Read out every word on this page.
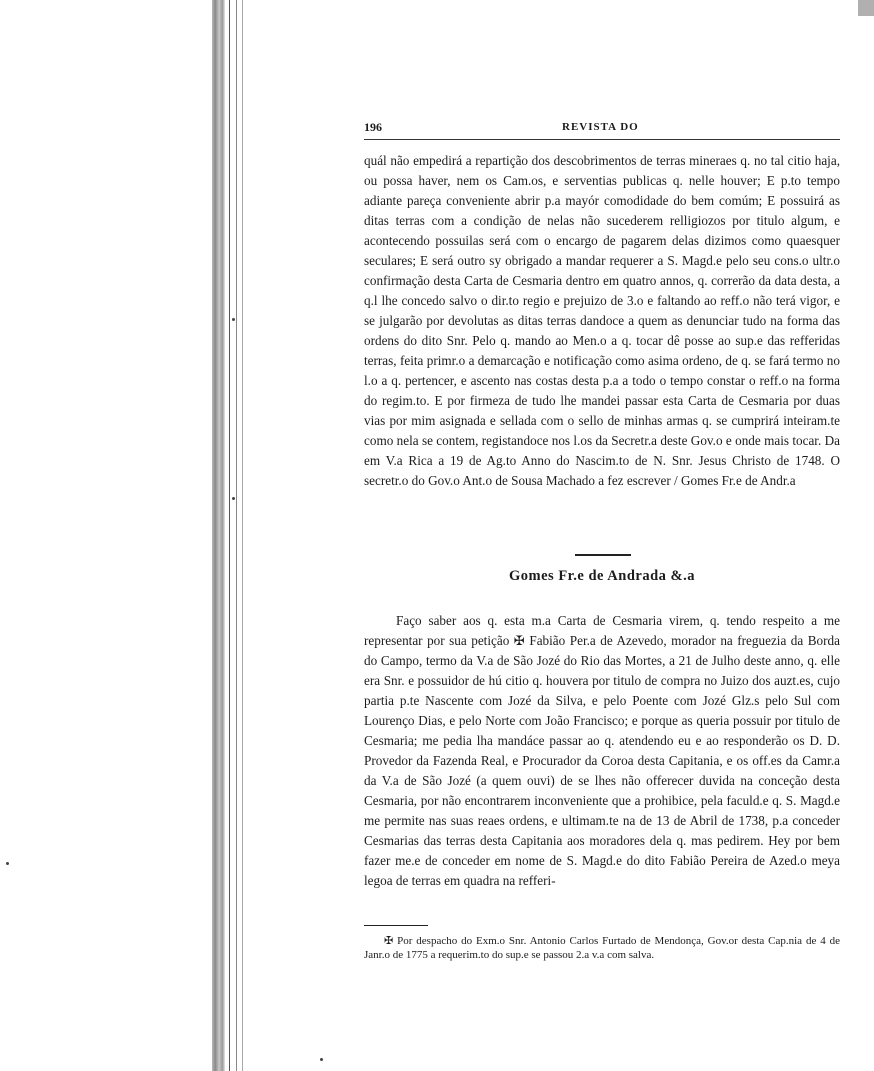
196	REVISTA DO

quál não empedirá a repartição dos descobrimentos de terras mineraes q. no tal citio haja, ou possa haver, nem os Cam.os, e serventias publicas q. nelle houver; E p.to tempo adiante pareça conveniente abrir p.a mayór comodidade do bem comúm; E possuirá as ditas terras com a condição de nelas não sucederem relligiozos por titulo algum, e acontecendo possuilas será com o encargo de pagarem delas dizimos como quaesquer seculares; E será outro sy obrigado a mandar requerer a S. Magd.e pelo seu cons.o ultr.o confirmação desta Carta de Cesmaria dentro em quatro annos, q. correrão da data desta, a q.l lhe concedo salvo o dir.to regio e prejuizo de 3.o e faltando ao reff.o não terá vigor, e se julgarão por devolutas as ditas terras dandoce a quem as denunciar tudo na forma das ordens do dito Snr. Pelo q. mando ao Men.o a q. tocar dê posse ao sup.e das refferidas terras, feita primr.o a demarcação e notificação como asima ordeno, de q. se fará termo no l.o a q. pertencer, e ascento nas costas desta p.a a todo o tempo constar o reff.o na forma do regim.to. E por firmeza de tudo lhe mandei passar esta Carta de Cesmaria por duas vias por mim asignada e sellada com o sello de minhas armas q. se cumprirá inteiram.te como nela se contem, registandoce nos l.os da Secretr.a deste Gov.o e onde mais tocar. Da em V.a Rica a 19 de Ag.to Anno do Nascim.to de N. Snr. Jesus Christo de 1748. O secretr.o do Gov.o Ant.o de Sousa Machado a fez escrever / Gomes Fr.e de Andr.a

Gomes Fr.e de Andrada &.a

Faço saber aos q. esta m.a Carta de Cesmaria virem, q. tendo respeito a me representar por sua petição ✠ Fabião Per.a de Azevedo, morador na freguezia da Borda do Campo, termo da V.a de São Jozé do Rio das Mortes, a 21 de Julho deste anno, q. elle era Snr. e possuidor de hú citio q. houvera por titulo de compra no Juizo dos auzt.es, cujo partia p.te Nascente com Jozé da Silva, e pelo Poente com Jozé Glz.s pelo Sul com Lourenço Dias, e pelo Norte com João Francisco; e porque as queria possuir por titulo de Cesmaria; me pedia lha mandáce passar ao q. atendendo eu e ao responderão os D. D. Provedor da Fazenda Real, e Procurador da Coroa desta Capitania, e os off.es da Camr.a da V.a de São Jozé (a quem ouvi) de se lhes não offerecer duvida na conceção desta Cesmaria, por não encontrarem inconveniente que a prohibice, pela faculd.e q. S. Magd.e me permite nas suas reaes ordens, e ultimam.te na de 13 de Abril de 1738, p.a conceder Cesmarias das terras desta Capitania aos moradores dela q. mas pedirem. Hey por bem fazer me.e de conceder em nome de S. Magd.e do dito Fabião Pereira de Azed.o meya legoa de terras em quadra na refferi-

✠ Por despacho do Exm.o Snr. Antonio Carlos Furtado de Mendonça, Gov.or desta Cap.nia de 4 de Janr.o de 1775 a requerim.to do sup.e se passou 2.a v.a com salva.
